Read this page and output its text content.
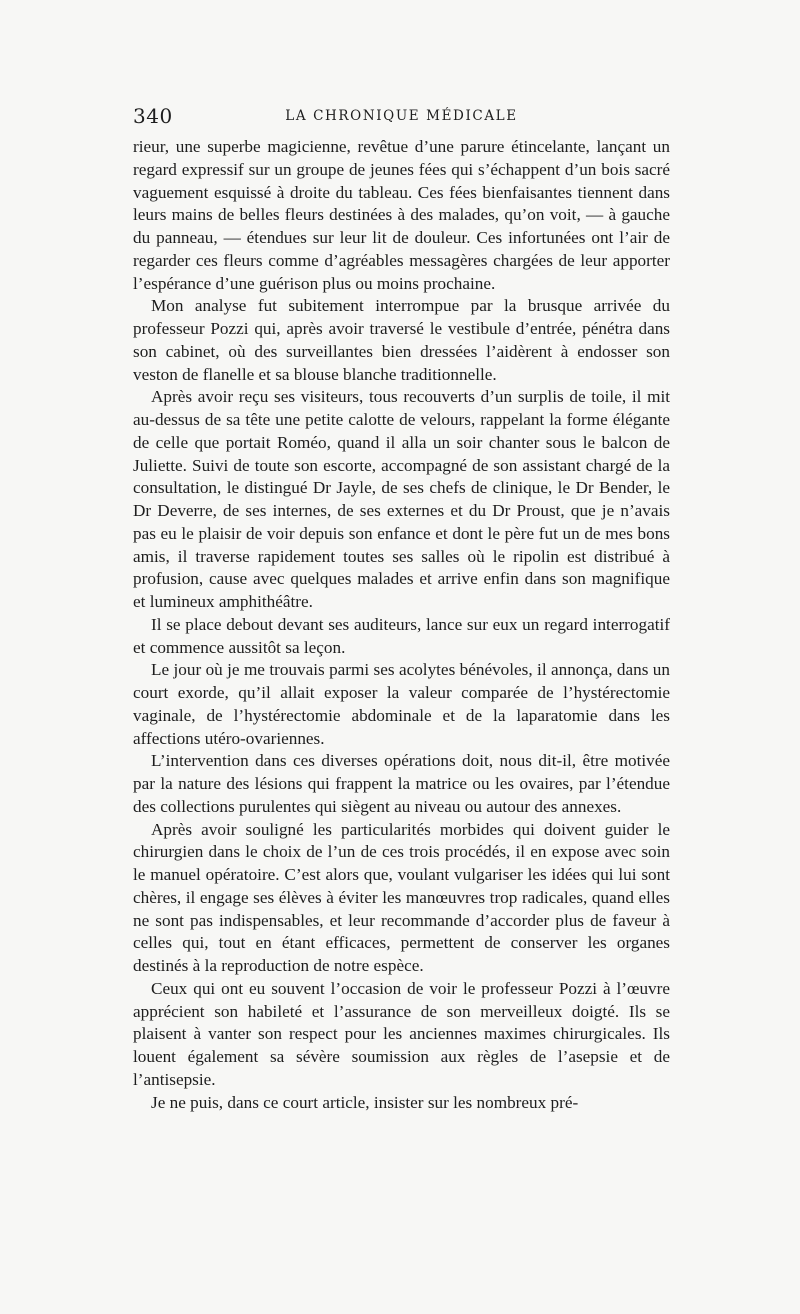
340	LA CHRONIQUE MÉDICALE

rieur, une superbe magicienne, revêtue d’une parure étincelante, lançant un regard expressif sur un groupe de jeunes fées qui s’échappent d’un bois sacré vaguement esquissé à droite du tableau. Ces fées bienfaisantes tiennent dans leurs mains de belles fleurs destinées à des malades, qu’on voit, — à gauche du panneau, — étendues sur leur lit de douleur. Ces infortunées ont l’air de regarder ces fleurs comme d’agréables messagères chargées de leur apporter l’espérance d’une guérison plus ou moins prochaine.

Mon analyse fut subitement interrompue par la brusque arrivée du professeur Pozzi qui, après avoir traversé le vestibule d’entrée, pénétra dans son cabinet, où des surveillantes bien dressées l’aidèrent à endosser son veston de flanelle et sa blouse blanche traditionnelle.

Après avoir reçu ses visiteurs, tous recouverts d’un surplis de toile, il mit au-dessus de sa tête une petite calotte de velours, rappelant la forme élégante de celle que portait Roméo, quand il alla un soir chanter sous le balcon de Juliette. Suivi de toute son escorte, accompagné de son assistant chargé de la consultation, le distingué Dr Jayle, de ses chefs de clinique, le Dr Bender, le Dr Deverre, de ses internes, de ses externes et du Dr Proust, que je n’avais pas eu le plaisir de voir depuis son enfance et dont le père fut un de mes bons amis, il traverse rapidement toutes ses salles où le ripolin est distribué à profusion, cause avec quelques malades et arrive enfin dans son magnifique et lumineux amphithéâtre.

Il se place debout devant ses auditeurs, lance sur eux un regard interrogatif et commence aussitôt sa leçon.

Le jour où je me trouvais parmi ses acolytes bénévoles, il annonça, dans un court exorde, qu’il allait exposer la valeur comparée de l’hystérectomie vaginale, de l’hystérectomie abdominale et de la laparatomie dans les affections utéro-ovariennes.

L’intervention dans ces diverses opérations doit, nous dit-il, être motivée par la nature des lésions qui frappent la matrice ou les ovaires, par l’étendue des collections purulentes qui siègent au niveau ou autour des annexes.

Après avoir souligné les particularités morbides qui doivent guider le chirurgien dans le choix de l’un de ces trois procédés, il en expose avec soin le manuel opératoire. C’est alors que, voulant vulgariser les idées qui lui sont chères, il engage ses élèves à éviter les manœuvres trop radicales, quand elles ne sont pas indispensables, et leur recommande d’accorder plus de faveur à celles qui, tout en étant efficaces, permettent de conserver les organes destinés à la reproduction de notre espèce.

Ceux qui ont eu souvent l’occasion de voir le professeur Pozzi à l’œuvre apprécient son habileté et l’assurance de son merveilleux doigté. Ils se plaisent à vanter son respect pour les anciennes maximes chirurgicales. Ils louent également sa sévère soumission aux règles de l’asepsie et de l’antisepsie.

Je ne puis, dans ce court article, insister sur les nombreux pré-
